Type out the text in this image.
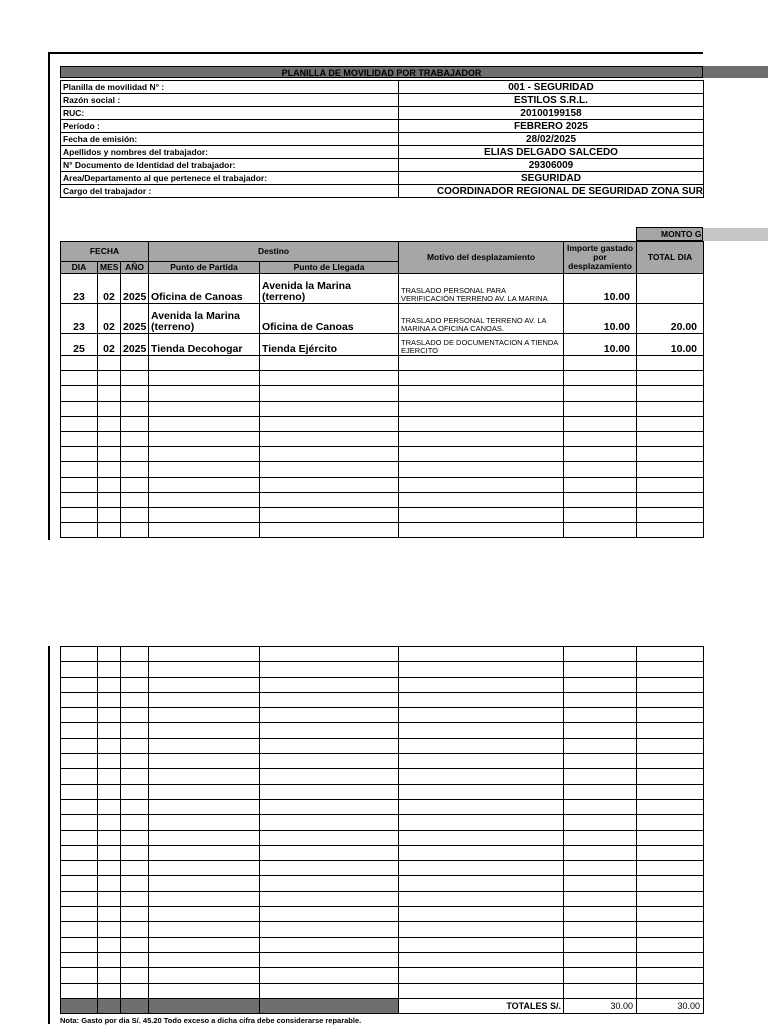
PLANILLA DE MOVILIDAD POR TRABAJADOR
Planilla de movilidad N° :	001 - SEGURIDAD
Razón social :	ESTILOS S.R.L.
RUC:	20100199158
Período :	FEBRERO 2025
Fecha de emisión:	28/02/2025
Apellidos y nombres del trabajador:	ELIAS DELGADO SALCEDO
N° Documento de Identidad del trabajador:	29306009
Area/Departamento al que pertenece el trabajador:	SEGURIDAD
Cargo del trabajador :	COORDINADOR REGIONAL DE SEGURIDAD ZONA SUR
MONTO G
FECHA			Destino		Motivo del desplazamiento	Importe gastado por desplazamiento	TOTAL DIA
DIA	MES	AÑO	Punto de Partida	Punto de Llegada			
23	02	2025	Oficina de Canoas	Avenida la Marina (terreno)	TRASLADO PERSONAL PARA VERIFICACIÓN TERRENO AV. LA MARINA	10.00	
23	02	2025	Avenida la Marina (terreno)	Oficina de Canoas	TRASLADO PERSONAL TERRENO AV. LA MARINA A OFICINA CANOAS.	10.00	20.00
25	02	2025	Tienda Decohogar	Tienda Ejército	TRASLADO DE DOCUMENTACION A TIENDA EJERCITO	10.00	10.00

					TOTALES S/.	30.00	30.00
Nota: Gasto por dia S/. 45.20 Todo exceso a dicha cifra debe considerarse reparable.
